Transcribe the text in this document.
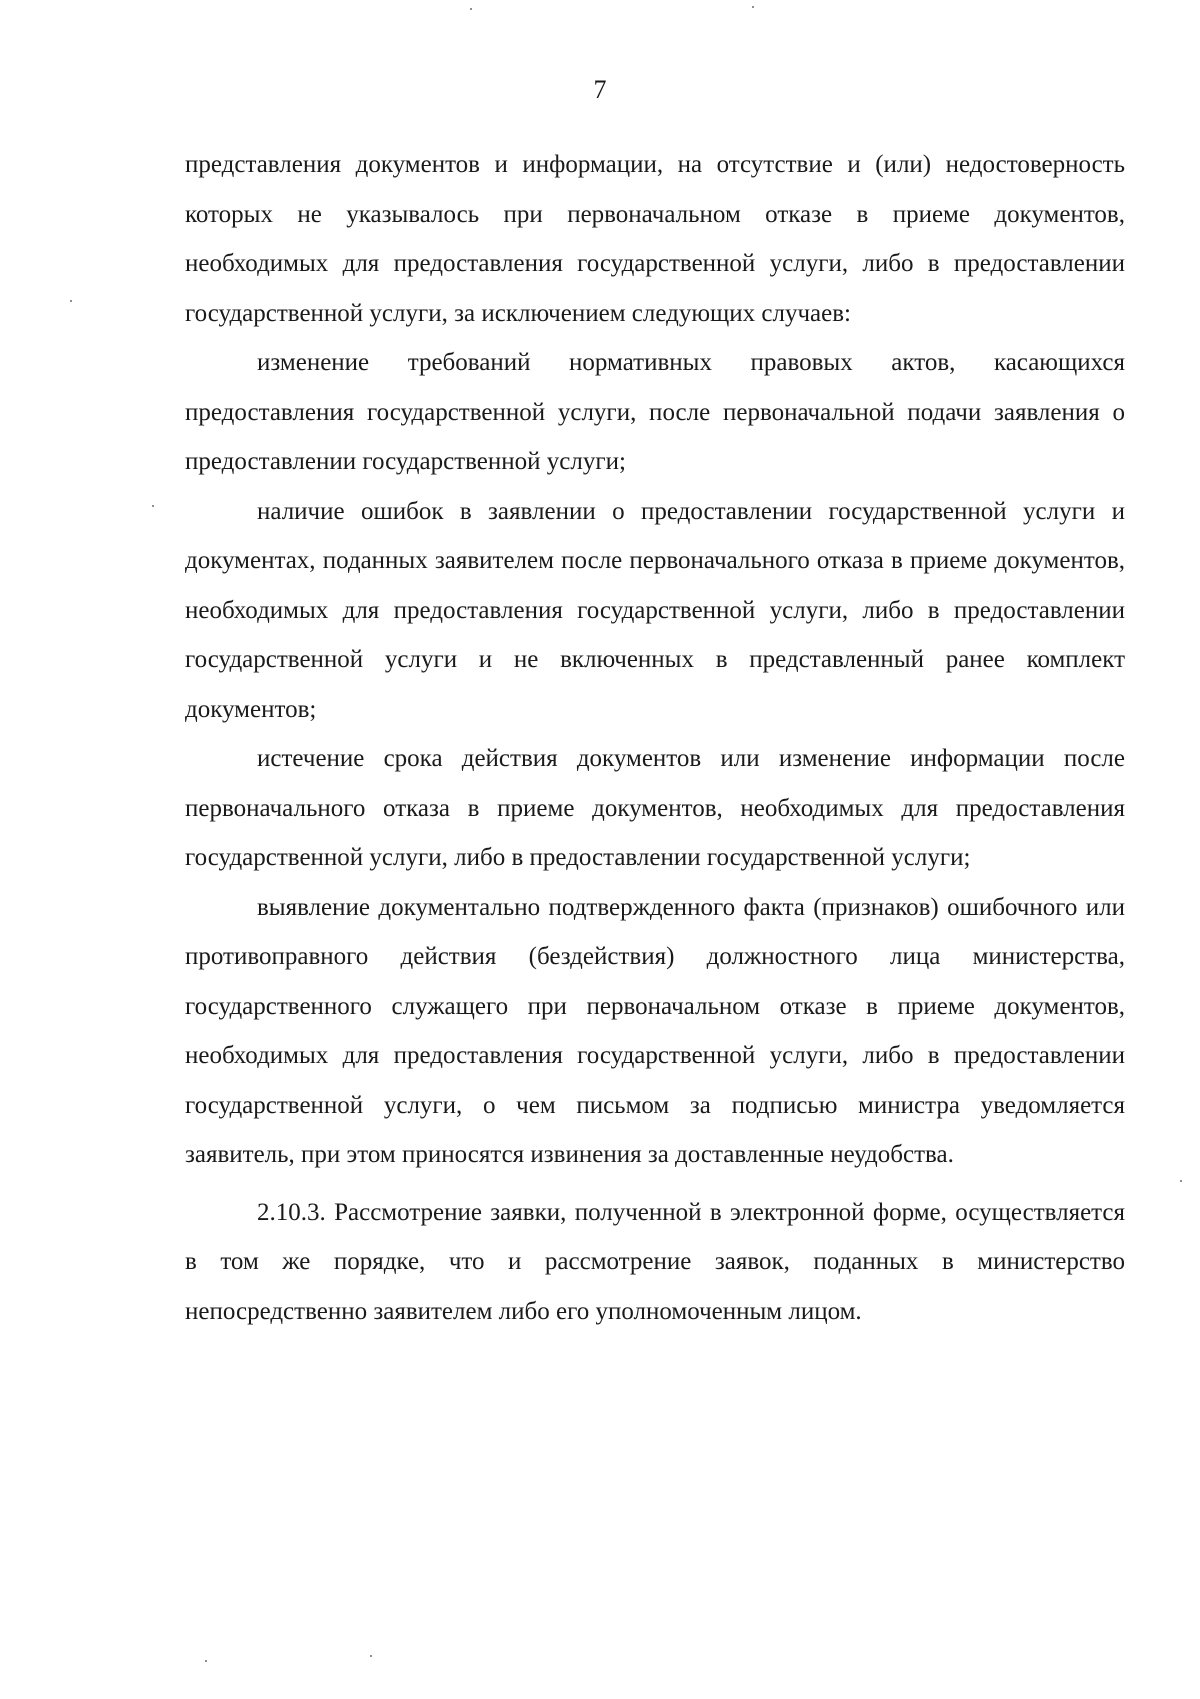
7

представления документов и информации, на отсутствие и (или) недостоверность которых не указывалось при первоначальном отказе в приеме документов, необходимых для предоставления государственной услуги, либо в предоставлении государственной услуги, за исключением следующих случаев:

изменение требований нормативных правовых актов, касающихся предоставления государственной услуги, после первоначальной подачи заявления о предоставлении государственной услуги;

наличие ошибок в заявлении о предоставлении государственной услуги и документах, поданных заявителем после первоначального отказа в приеме документов, необходимых для предоставления государственной услуги, либо в предоставлении государственной услуги и не включенных в представленный ранее комплект документов;

истечение срока действия документов или изменение информации после первоначального отказа в приеме документов, необходимых для предоставления государственной услуги, либо в предоставлении государственной услуги;

выявление документально подтвержденного факта (признаков) ошибочного или противоправного действия (бездействия) должностного лица министерства, государственного служащего при первоначальном отказе в приеме документов, необходимых для предоставления государственной услуги, либо в предоставлении государственной услуги, о чем письмом за подписью министра уведомляется заявитель, при этом приносятся извинения за доставленные неудобства.

2.10.3. Рассмотрение заявки, полученной в электронной форме, осуществляется в том же порядке, что и рассмотрение заявок, поданных в министерство непосредственно заявителем либо его уполномоченным лицом.
